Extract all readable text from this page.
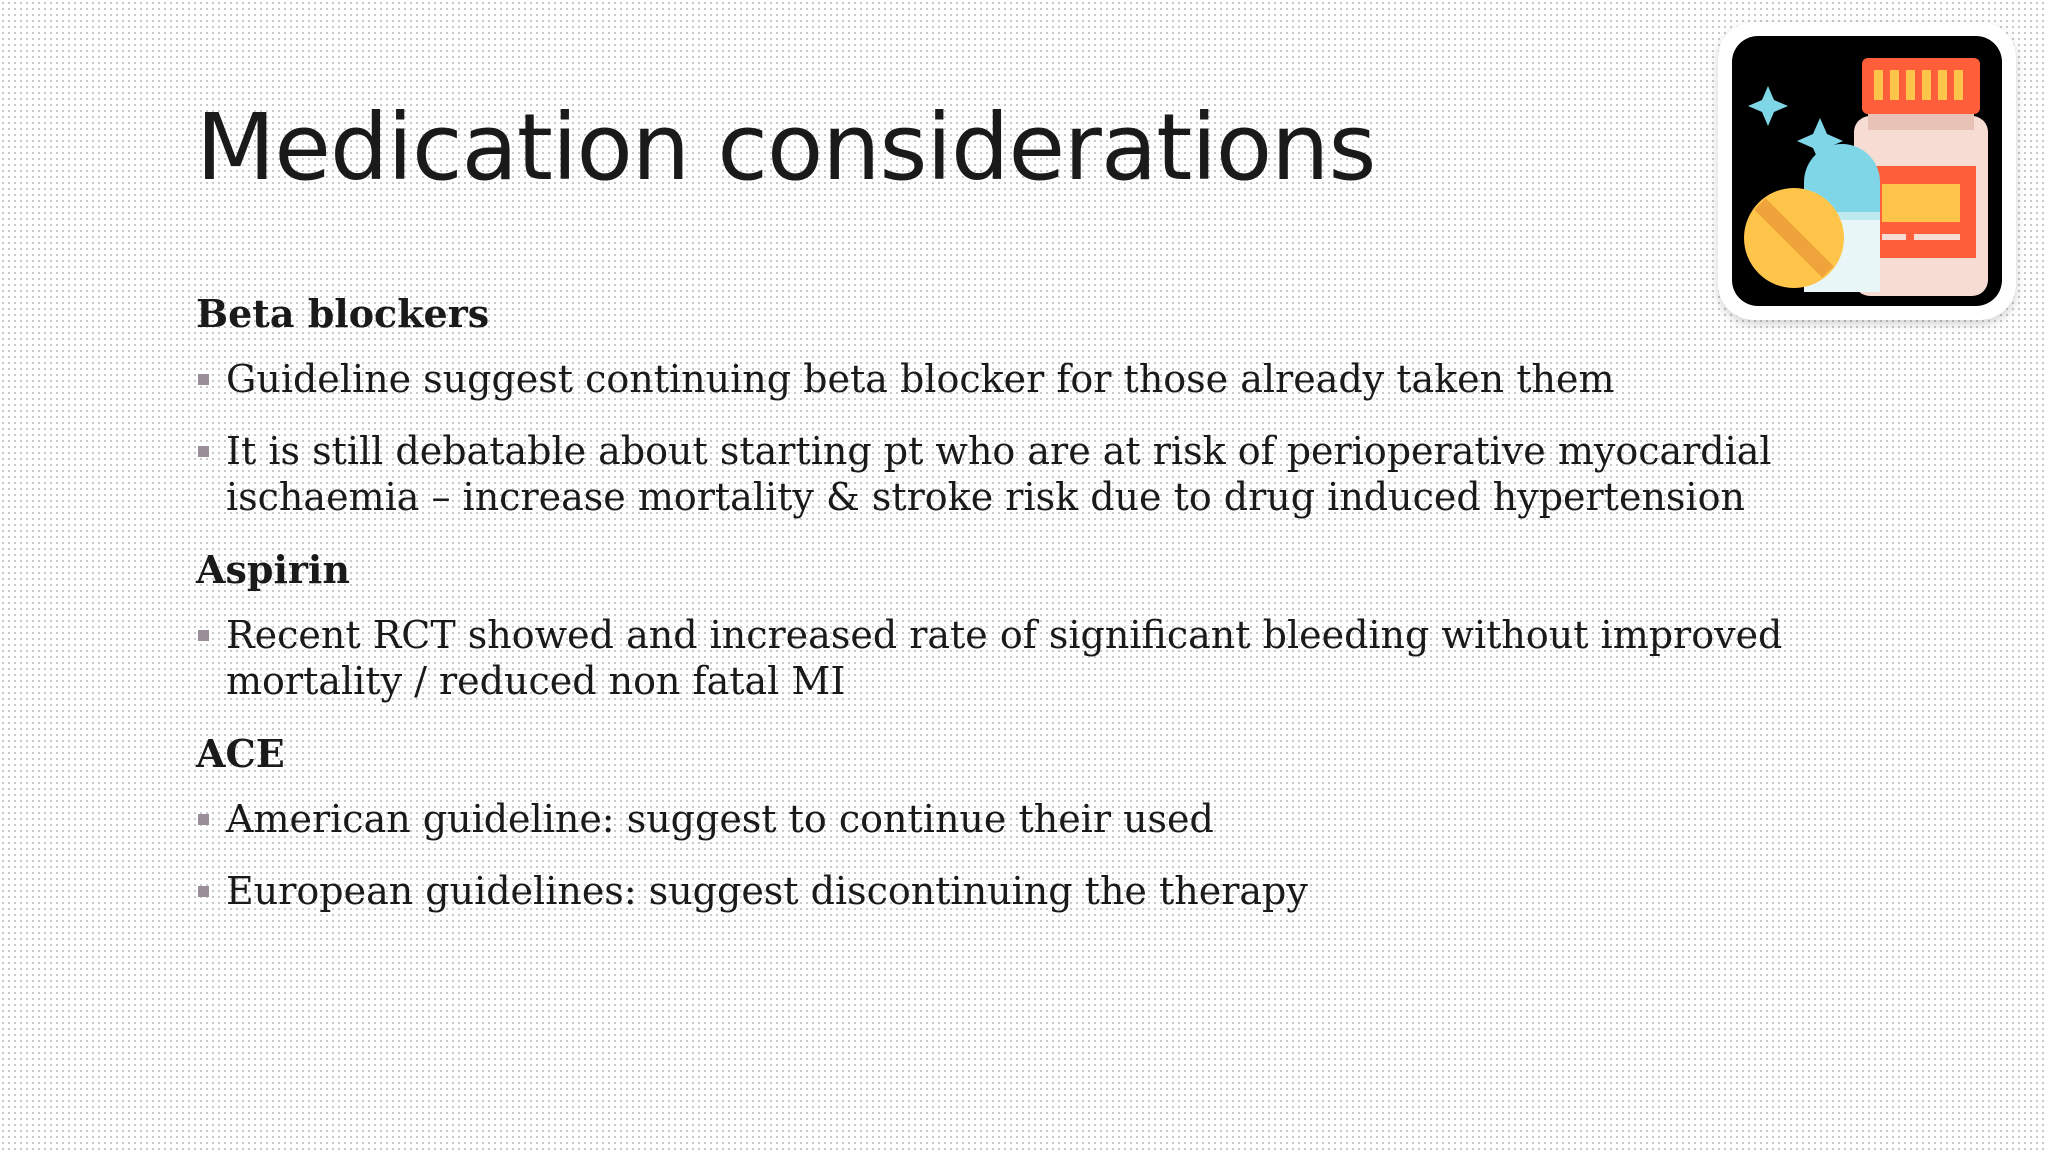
Medication considerations
Beta blockers
Guideline suggest continuing beta blocker for those already taken them
It is still debatable about starting pt who are at risk of perioperative myocardial ischaemia – increase mortality & stroke risk due to drug induced hypertension
Aspirin
Recent RCT showed and increased rate of significant bleeding without improved mortality / reduced non fatal MI
ACE
American guideline: suggest to continue their used
European guidelines: suggest discontinuing the therapy
